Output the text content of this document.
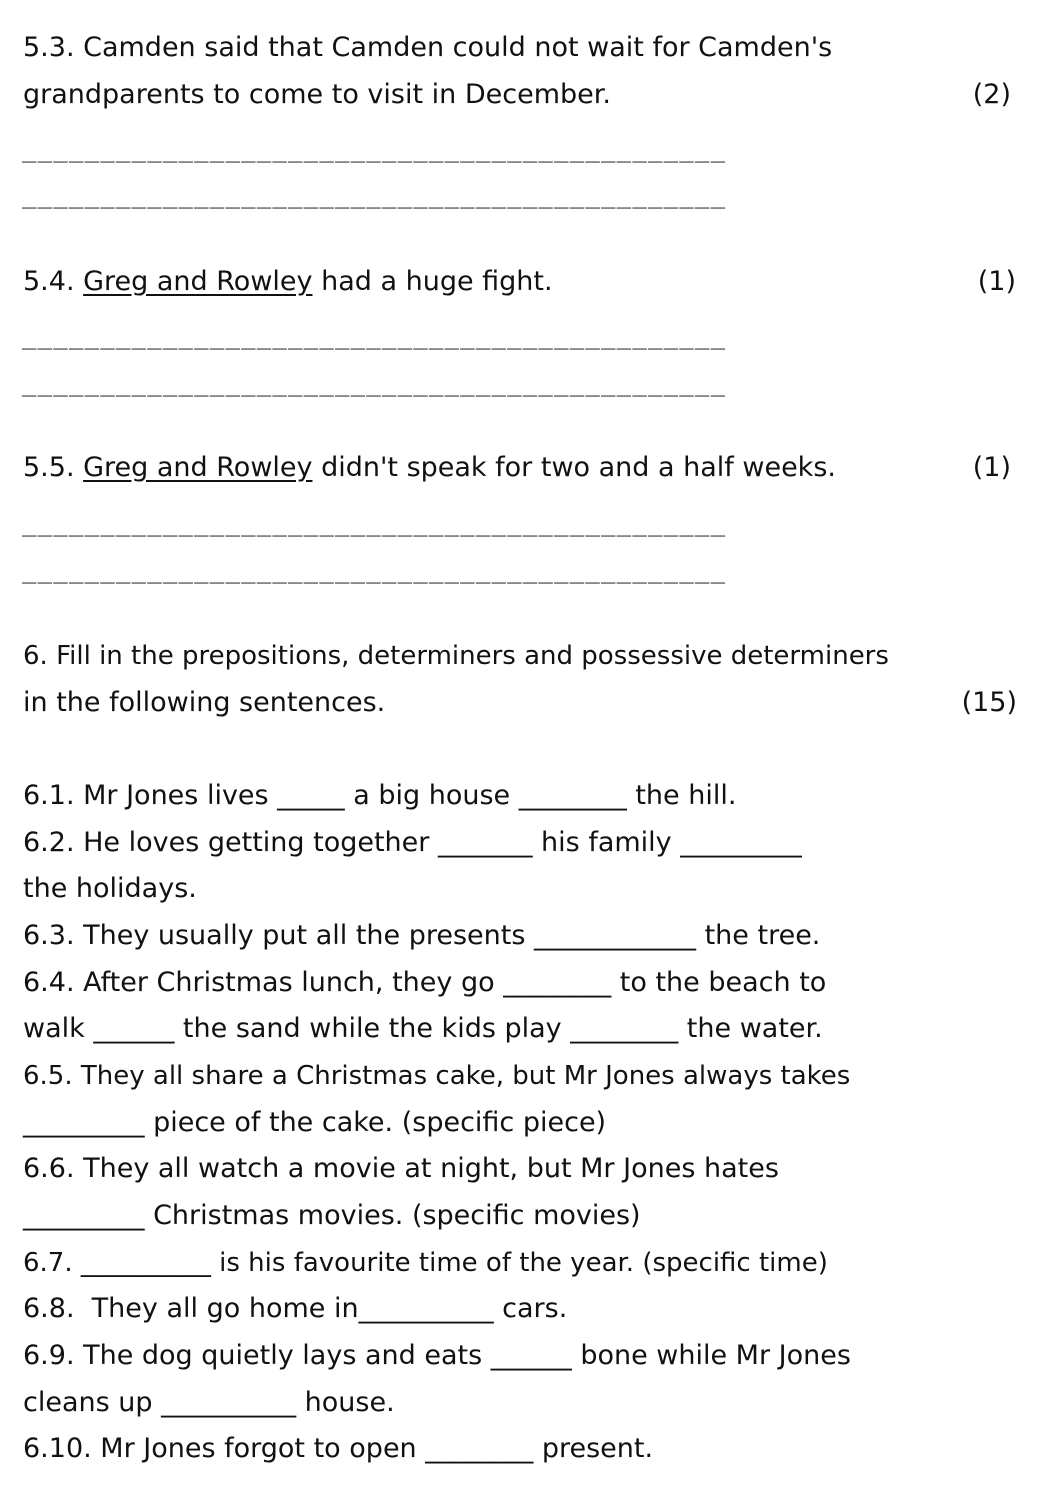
5.3. Camden said that Camden could not wait for Camden's
grandparents to come to visit in December.	(2)
_____________________________________________
_____________________________________________
5.4. Greg and Rowley had a huge fight.	(1)
_____________________________________________
_____________________________________________
5.5. Greg and Rowley didn't speak for two and a half weeks.	(1)
_____________________________________________
_____________________________________________
6. Fill in the prepositions, determiners and possessive determiners
in the following sentences.	(15)
6.1. Mr Jones lives _____ a big house ________ the hill.
6.2. He loves getting together _______ his family _________
the holidays.
6.3. They usually put all the presents ____________ the tree.
6.4. After Christmas lunch, they go ________ to the beach to
walk ______ the sand while the kids play ________ the water.
6.5. They all share a Christmas cake, but Mr Jones always takes
_________ piece of the cake. (specific piece)
6.6. They all watch a movie at night, but Mr Jones hates
_________ Christmas movies. (specific movies)
6.7. __________ is his favourite time of the year. (specific time)
6.8.  They all go home in__________ cars.
6.9. The dog quietly lays and eats ______ bone while Mr Jones
cleans up __________ house.
6.10. Mr Jones forgot to open ________ present.
